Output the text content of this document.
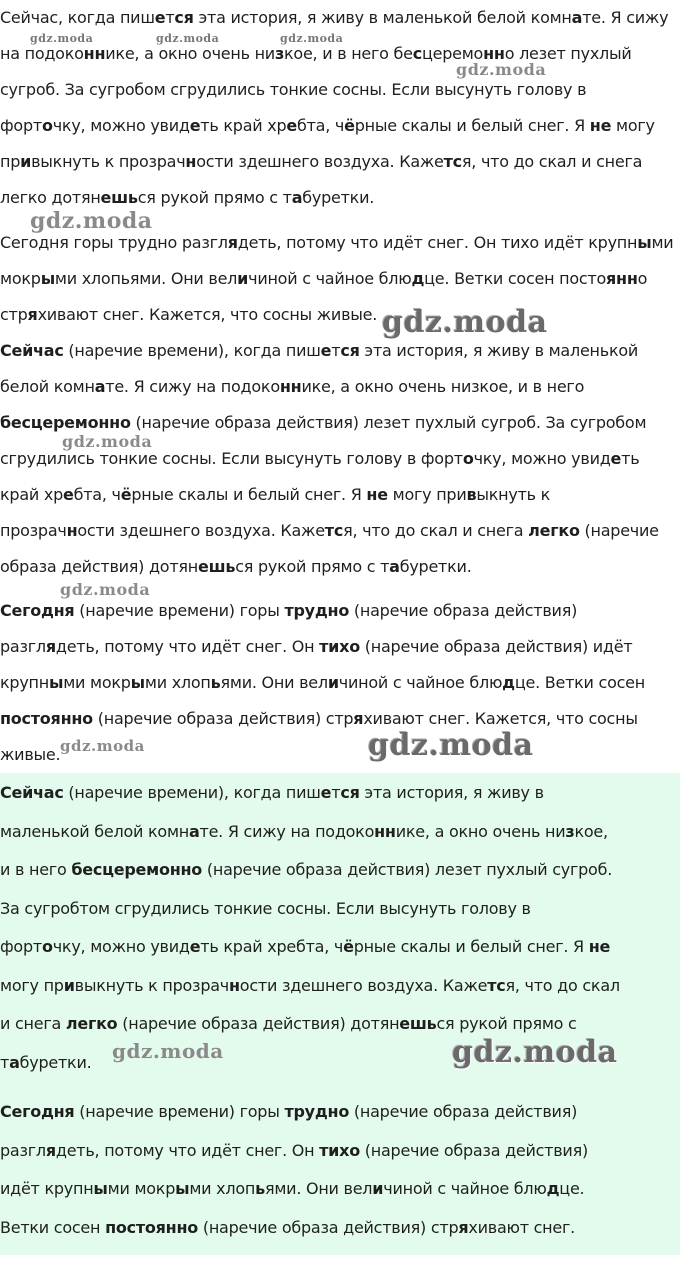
gdz.moda	gdz.moda	gdz.moda
gdz.moda
gdz.moda
gdz.moda
gdz.moda
gdz.moda
gdz.moda	gdz.moda
Сейчас, когда пишется эта история, я живу в маленькой белой комнате. Я сижу
на подоконнике, а окно очень низкое, и в него бесцеремонно лезет пухлый
сугроб. За сугробом сгрудились тонкие сосны. Если высунуть голову в
форточку, можно увидеть край хребта, чёрные скалы и белый снег. Я не могу
привыкнуть к прозрачности здешнего воздуха. Кажется, что до скал и снега
легко дотянешься рукой прямо с табуретки.
Сегодня горы трудно разглядеть, потому что идёт снег. Он тихо идёт крупными
мокрыми хлопьями. Они величиной с чайное блюдце. Ветки сосен постоянно
стряхивают снег. Кажется, что сосны живые.
Сейчас (наречие времени), когда пишется эта история, я живу в маленькой
белой комнате. Я сижу на подоконнике, а окно очень низкое, и в него
бесцеремонно (наречие образа действия) лезет пухлый сугроб. За сугробом
сгрудились тонкие сосны. Если высунуть голову в форточку, можно увидеть
край хребта, чёрные скалы и белый снег. Я не могу привыкнуть к
прозрачности здешнего воздуха. Кажется, что до скал и снега легко (наречие
образа действия) дотянешься рукой прямо с табуретки.
Сегодня (наречие времени) горы трудно (наречие образа действия)
разглядеть, потому что идёт снег. Он тихо (наречие образа действия) идёт
крупными мокрыми хлопьями. Они величиной с чайное блюдце. Ветки сосен
постоянно (наречие образа действия) стряхивают снег. Кажется, что сосны
живые.
Сейчас (наречие времени), когда пишется эта история, я живу в
маленькой белой комнате. Я сижу на подоконнике, а окно очень низкое,
и в него бесцеремонно (наречие образа действия) лезет пухлый сугроб.
За сугробтом сгрудились тонкие сосны. Если высунуть голову в
форточку, можно увидеть край хребта, чёрные скалы и белый снег. Я не
могу привыкнуть к прозрачности здешнего воздуха. Кажется, что до скал
и снега легко (наречие образа действия) дотянешься рукой прямо с
табуретки.
Сегодня (наречие времени) горы трудно (наречие образа действия)
разглядеть, потому что идёт снег. Он тихо (наречие образа действия)
идёт крупными мокрыми хлопьями. Они величиной с чайное блюдце.
Ветки сосен постоянно (наречие образа действия) стряхивают снег.
gdz.moda	gdz.moda
